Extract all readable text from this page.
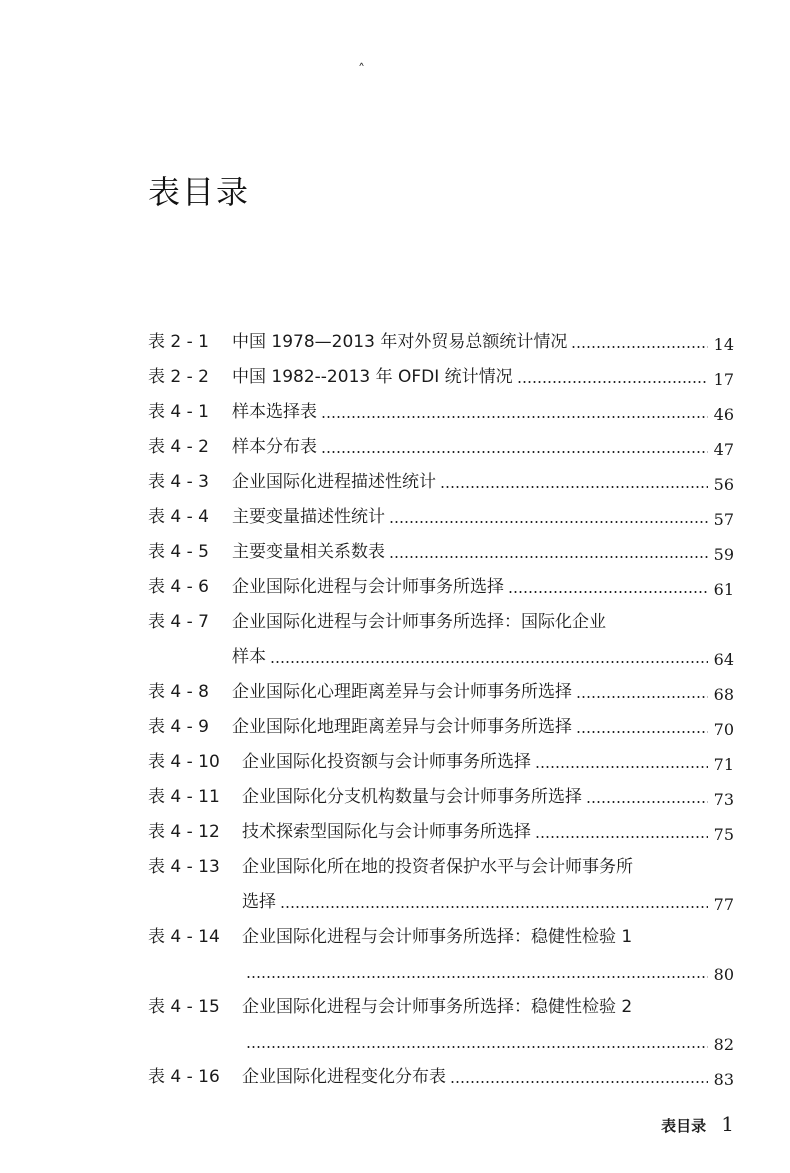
˄
表目录
表 2 - 1 中国 1978—2013 年对外贸易总额统计情况	14
表 2 - 2 中国 1982--2013 年 OFDI 统计情况	17
表 4 - 1 样本选择表	46
表 4 - 2 样本分布表	47
表 4 - 3 企业国际化进程描述性统计	56
表 4 - 4 主要变量描述性统计	57
表 4 - 5 主要变量相关系数表	59
表 4 - 6 企业国际化进程与会计师事务所选择	61
表 4 - 7 企业国际化进程与会计师事务所选择：国际化企业
样本	64
表 4 - 8 企业国际化心理距离差异与会计师事务所选择	68
表 4 - 9 企业国际化地理距离差异与会计师事务所选择	70
表 4 - 10 企业国际化投资额与会计师事务所选择	71
表 4 - 11 企业国际化分支机构数量与会计师事务所选择	73
表 4 - 12 技术探索型国际化与会计师事务所选择	75
表 4 - 13 企业国际化所在地的投资者保护水平与会计师事务所
选择	77
表 4 - 14 企业国际化进程与会计师事务所选择：稳健性检验 1
80
表 4 - 15 企业国际化进程与会计师事务所选择：稳健性检验 2
82
表 4 - 16 企业国际化进程变化分布表	83
表目录 1
